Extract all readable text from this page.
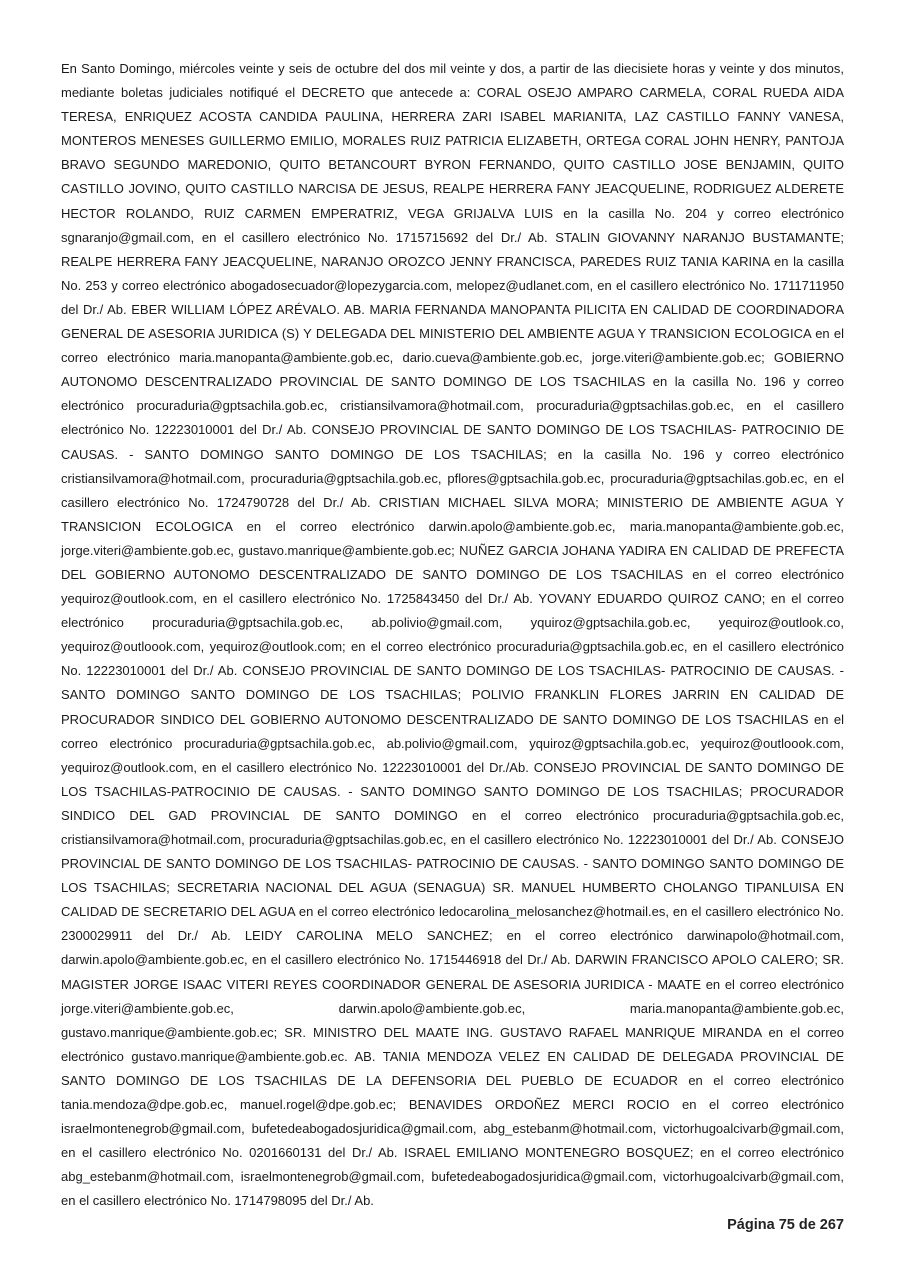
En Santo Domingo, miércoles veinte y seis de octubre del dos mil veinte y dos, a partir de las diecisiete horas y veinte y dos minutos, mediante boletas judiciales notifiqué el DECRETO que antecede a: CORAL OSEJO AMPARO CARMELA, CORAL RUEDA AIDA TERESA, ENRIQUEZ ACOSTA CANDIDA PAULINA, HERRERA ZARI ISABEL MARIANITA, LAZ CASTILLO FANNY VANESA, MONTEROS MENESES GUILLERMO EMILIO, MORALES RUIZ PATRICIA ELIZABETH, ORTEGA CORAL JOHN HENRY, PANTOJA BRAVO SEGUNDO MAREDONIO, QUITO BETANCOURT BYRON FERNANDO, QUITO CASTILLO JOSE BENJAMIN, QUITO CASTILLO JOVINO, QUITO CASTILLO NARCISA DE JESUS, REALPE HERRERA FANY JEACQUELINE, RODRIGUEZ ALDERETE HECTOR ROLANDO, RUIZ CARMEN EMPERATRIZ, VEGA GRIJALVA LUIS en la casilla No. 204 y correo electrónico sgnaranjo@gmail.com, en el casillero electrónico No. 1715715692 del Dr./ Ab. STALIN GIOVANNY NARANJO BUSTAMANTE; REALPE HERRERA FANY JEACQUELINE, NARANJO OROZCO JENNY FRANCISCA, PAREDES RUIZ TANIA KARINA en la casilla No. 253 y correo electrónico abogadosecuador@lopezygarcia.com, melopez@udlanet.com, en el casillero electrónico No. 1711711950 del Dr./ Ab. EBER WILLIAM LÓPEZ ARÉVALO. AB. MARIA FERNANDA MANOPANTA PILICITA EN CALIDAD DE COORDINADORA GENERAL DE ASESORIA JURIDICA (S) Y DELEGADA DEL MINISTERIO DEL AMBIENTE AGUA Y TRANSICION ECOLOGICA en el correo electrónico maria.manopanta@ambiente.gob.ec, dario.cueva@ambiente.gob.ec, jorge.viteri@ambiente.gob.ec; GOBIERNO AUTONOMO DESCENTRALIZADO PROVINCIAL DE SANTO DOMINGO DE LOS TSACHILAS en la casilla No. 196 y correo electrónico procuraduria@gptsachila.gob.ec, cristiansilvamora@hotmail.com, procuraduria@gptsachilas.gob.ec, en el casillero electrónico No. 12223010001 del Dr./ Ab. CONSEJO PROVINCIAL DE SANTO DOMINGO DE LOS TSACHILAS- PATROCINIO DE CAUSAS. - SANTO DOMINGO SANTO DOMINGO DE LOS TSACHILAS; en la casilla No. 196 y correo electrónico cristiansilvamora@hotmail.com, procuraduria@gptsachila.gob.ec, pflores@gptsachila.gob.ec, procuraduria@gptsachilas.gob.ec, en el casillero electrónico No. 1724790728 del Dr./ Ab. CRISTIAN MICHAEL SILVA MORA; MINISTERIO DE AMBIENTE AGUA Y TRANSICION ECOLOGICA en el correo electrónico darwin.apolo@ambiente.gob.ec, maria.manopanta@ambiente.gob.ec, jorge.viteri@ambiente.gob.ec, gustavo.manrique@ambiente.gob.ec; NUÑEZ GARCIA JOHANA YADIRA EN CALIDAD DE PREFECTA DEL GOBIERNO AUTONOMO DESCENTRALIZADO DE SANTO DOMINGO DE LOS TSACHILAS en el correo electrónico yequiroz@outlook.com, en el casillero electrónico No. 1725843450 del Dr./ Ab. YOVANY EDUARDO QUIROZ CANO; en el correo electrónico procuraduria@gptsachila.gob.ec, ab.polivio@gmail.com, yquiroz@gptsachila.gob.ec, yequiroz@outlook.co, yequiroz@outloook.com, yequiroz@outlook.com; en el correo electrónico procuraduria@gptsachila.gob.ec, en el casillero electrónico No. 12223010001 del Dr./ Ab. CONSEJO PROVINCIAL DE SANTO DOMINGO DE LOS TSACHILAS- PATROCINIO DE CAUSAS. - SANTO DOMINGO SANTO DOMINGO DE LOS TSACHILAS; POLIVIO FRANKLIN FLORES JARRIN EN CALIDAD DE PROCURADOR SINDICO DEL GOBIERNO AUTONOMO DESCENTRALIZADO DE SANTO DOMINGO DE LOS TSACHILAS en el correo electrónico procuraduria@gptsachila.gob.ec, ab.polivio@gmail.com, yquiroz@gptsachila.gob.ec, yequiroz@outloook.com, yequiroz@outlook.com, en el casillero electrónico No. 12223010001 del Dr./Ab. CONSEJO PROVINCIAL DE SANTO DOMINGO DE LOS TSACHILAS-PATROCINIO DE CAUSAS. - SANTO DOMINGO SANTO DOMINGO DE LOS TSACHILAS; PROCURADOR SINDICO DEL GAD PROVINCIAL DE SANTO DOMINGO en el correo electrónico procuraduria@gptsachila.gob.ec, cristiansilvamora@hotmail.com, procuraduria@gptsachilas.gob.ec, en el casillero electrónico No. 12223010001 del Dr./ Ab. CONSEJO PROVINCIAL DE SANTO DOMINGO DE LOS TSACHILAS- PATROCINIO DE CAUSAS. - SANTO DOMINGO SANTO DOMINGO DE LOS TSACHILAS; SECRETARIA NACIONAL DEL AGUA (SENAGUA) SR. MANUEL HUMBERTO CHOLANGO TIPANLUISA EN CALIDAD DE SECRETARIO DEL AGUA en el correo electrónico ledocarolina_melosanchez@hotmail.es, en el casillero electrónico No. 2300029911 del Dr./ Ab. LEIDY CAROLINA MELO SANCHEZ; en el correo electrónico darwinapolo@hotmail.com, darwin.apolo@ambiente.gob.ec, en el casillero electrónico No. 1715446918 del Dr./ Ab. DARWIN FRANCISCO APOLO CALERO; SR. MAGISTER JORGE ISAAC VITERI REYES COORDINADOR GENERAL DE ASESORIA JURIDICA - MAATE en el correo electrónico jorge.viteri@ambiente.gob.ec, darwin.apolo@ambiente.gob.ec, maria.manopanta@ambiente.gob.ec, gustavo.manrique@ambiente.gob.ec; SR. MINISTRO DEL MAATE ING. GUSTAVO RAFAEL MANRIQUE MIRANDA en el correo electrónico gustavo.manrique@ambiente.gob.ec. AB. TANIA MENDOZA VELEZ EN CALIDAD DE DELEGADA PROVINCIAL DE SANTO DOMINGO DE LOS TSACHILAS DE LA DEFENSORIA DEL PUEBLO DE ECUADOR en el correo electrónico tania.mendoza@dpe.gob.ec, manuel.rogel@dpe.gob.ec; BENAVIDES ORDOÑEZ MERCI ROCIO en el correo electrónico israelmontenegrob@gmail.com, bufetedeabogadosjuridica@gmail.com, abg_estebanm@hotmail.com, victorhugoalcivarb@gmail.com, en el casillero electrónico No. 0201660131 del Dr./ Ab. ISRAEL EMILIANO MONTENEGRO BOSQUEZ; en el correo electrónico abg_estebanm@hotmail.com, israelmontenegrob@gmail.com, bufetedeabogadosjuridica@gmail.com, victorhugoalcivarb@gmail.com, en el casillero electrónico No. 1714798095 del Dr./ Ab.

Página 75 de 267
